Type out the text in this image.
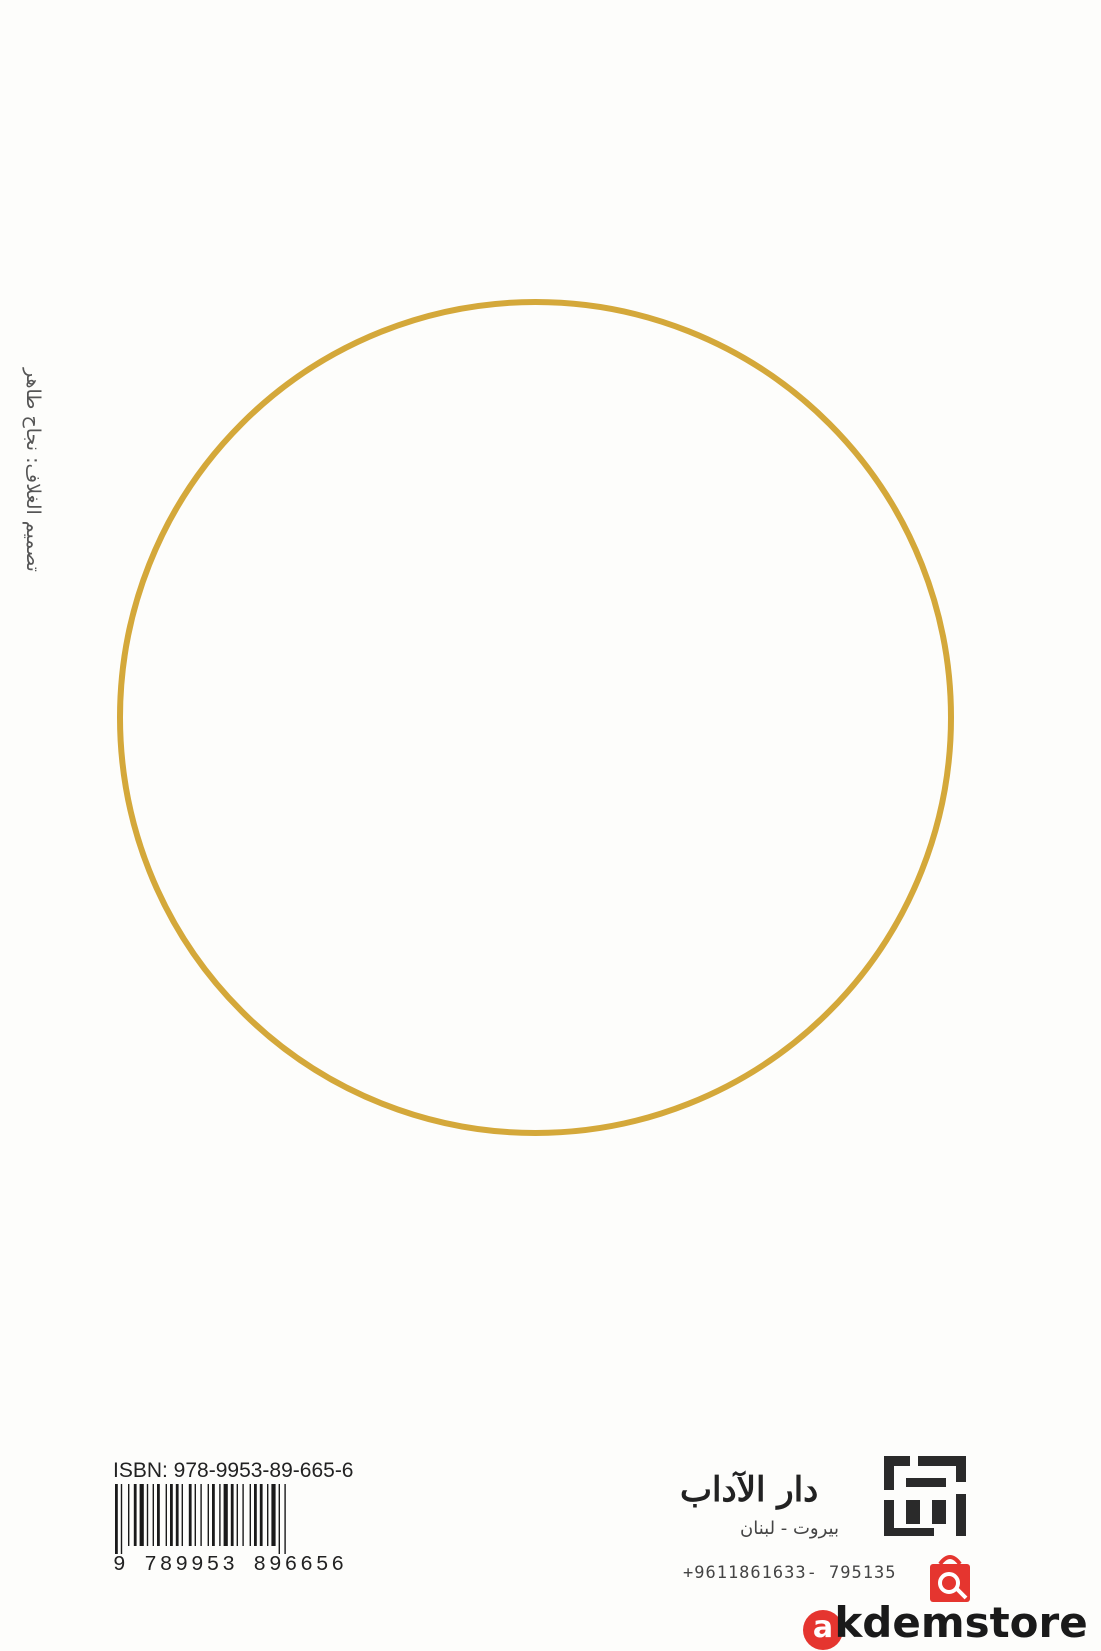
تصميم الغلاف: نجاح طاهر
ISBN: 978-9953-89-665-6
9 789953 896656
دار الآداب
بيروت - لبنان
+9611861633- 795135
a kdemstore
